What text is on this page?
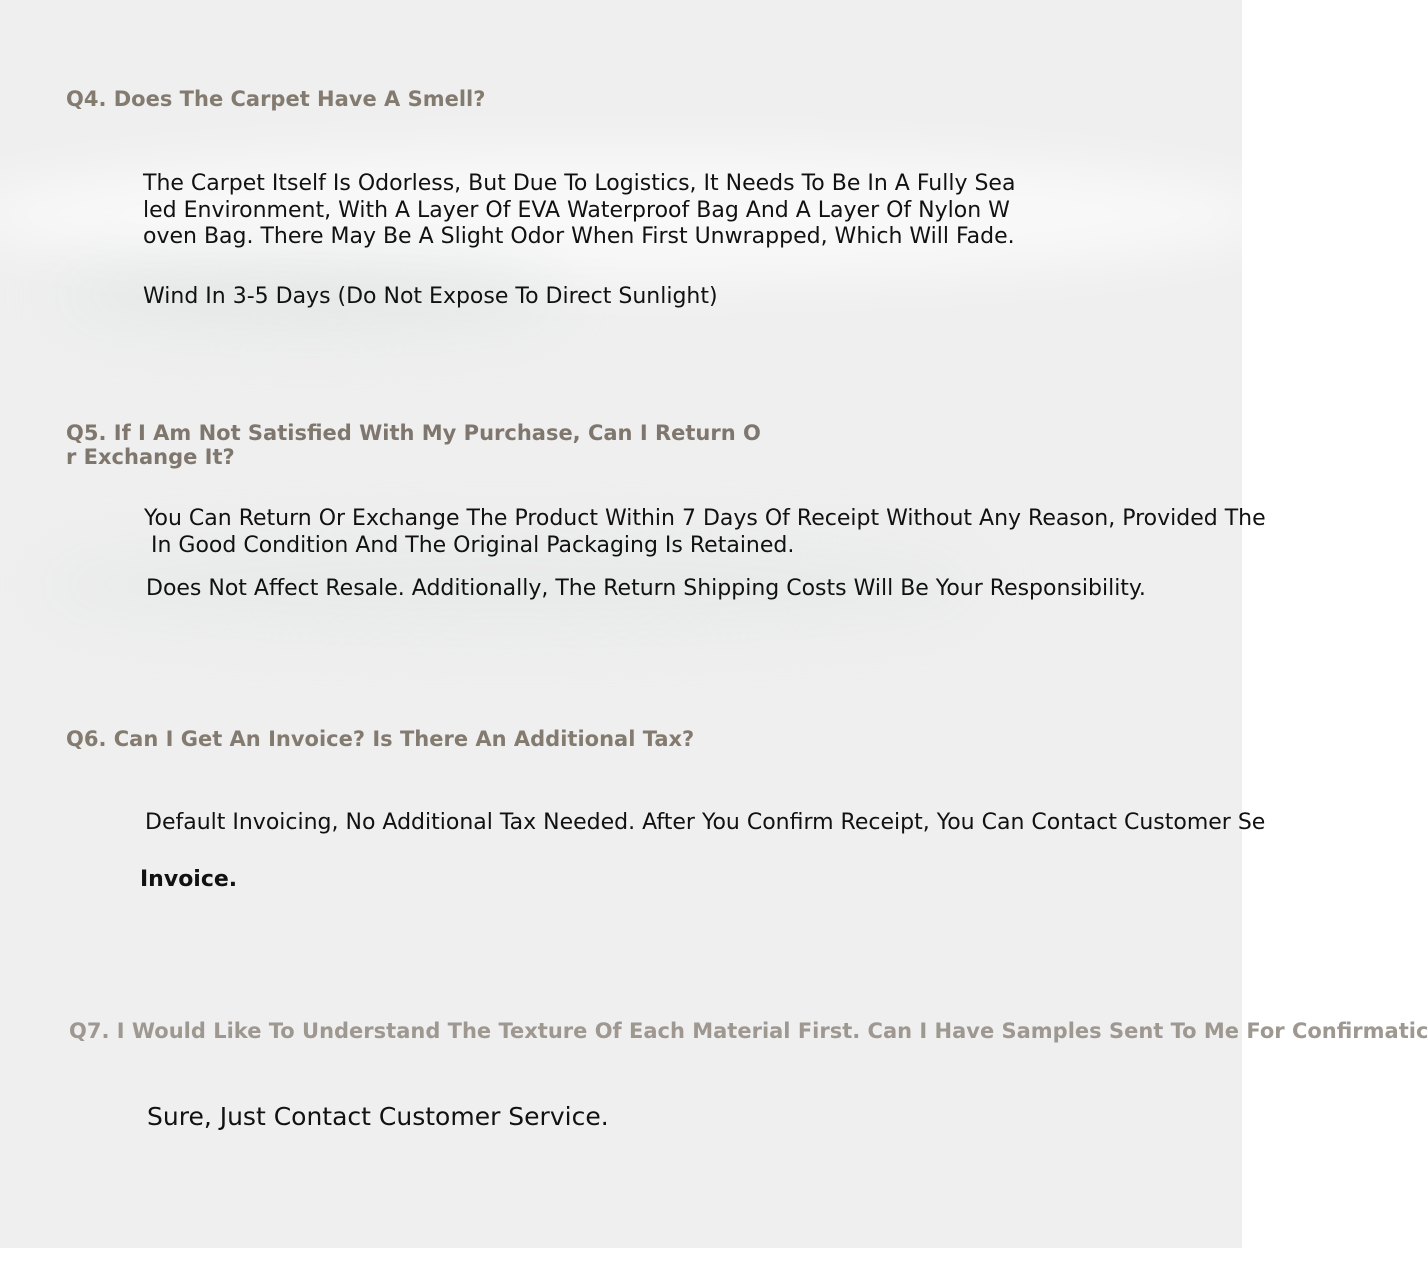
Q4. Does The Carpet Have A Smell?

The Carpet Itself Is Odorless, But Due To Logistics, It Needs To Be In A Fully Sea
led Environment, With A Layer Of EVA Waterproof Bag And A Layer Of Nylon W
oven Bag. There May Be A Slight Odor When First Unwrapped, Which Will Fade.

Wind In 3-5 Days (Do Not Expose To Direct Sunlight)

Q5. If I Am Not Satisfied With My Purchase, Can I Return O
r Exchange It?

You Can Return Or Exchange The Product Within 7 Days Of Receipt Without Any Reason, Provided The
In Good Condition And The Original Packaging Is Retained.

Does Not Affect Resale. Additionally, The Return Shipping Costs Will Be Your Responsibility.

Q6. Can I Get An Invoice? Is There An Additional Tax?

Default Invoicing, No Additional Tax Needed. After You Confirm Receipt, You Can Contact Customer Se

Invoice.

Q7. I Would Like To Understand The Texture Of Each Material First. Can I Have Samples Sent To Me For Confirmatic

Sure, Just Contact Customer Service.
